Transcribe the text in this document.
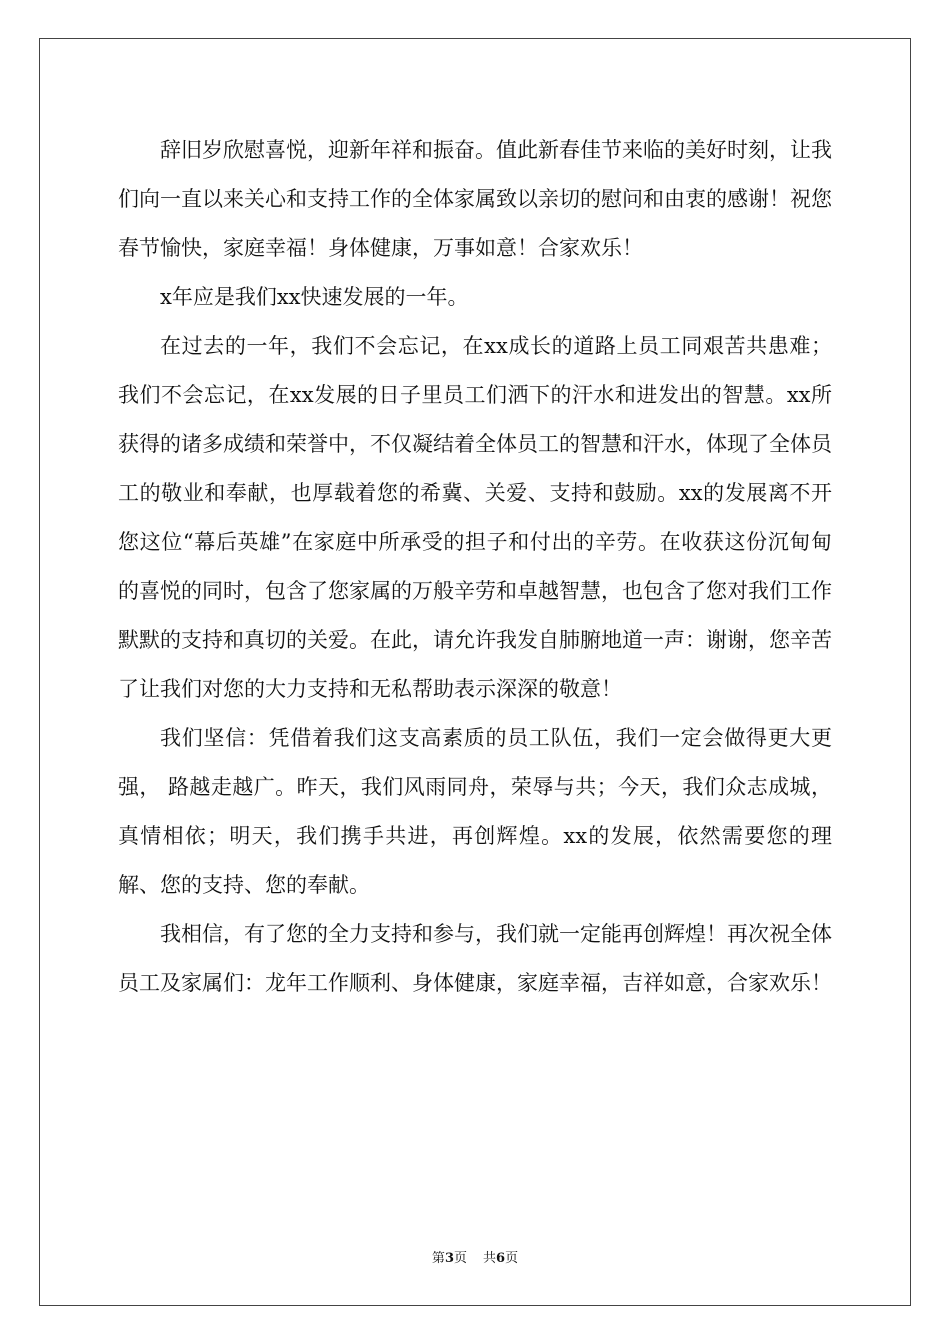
辞旧岁欣慰喜悦，迎新年祥和振奋。值此新春佳节来临的美好时刻，让我们向一直以来关心和支持工作的全体家属致以亲切的慰问和由衷的感谢！祝您春节愉快，家庭幸福！身体健康，万事如意！合家欢乐！

x年应是我们xx快速发展的一年。

在过去的一年，我们不会忘记，在xx成长的道路上员工同艰苦共患难；我们不会忘记，在xx发展的日子里员工们洒下的汗水和进发出的智慧。xx所获得的诸多成绩和荣誉中，不仅凝结着全体员工的智慧和汗水，体现了全体员工的敬业和奉献，也厚载着您的希冀、关爱、支持和鼓励。xx的发展离不开您这位“幕后英雄”在家庭中所承受的担子和付出的辛劳。在收获这份沉甸甸的喜悦的同时，包含了您家属的万般辛劳和卓越智慧，也包含了您对我们工作默默的支持和真切的关爱。在此，请允许我发自肺腑地道一声：谢谢，您辛苦了让我们对您的大力支持和无私帮助表示深深的敬意！

我们坚信：凭借着我们这支高素质的员工队伍，我们一定会做得更大更强， 路越走越广。昨天，我们风雨同舟，荣辱与共；今天，我们众志成城，真情相依；明天，我们携手共进，再创辉煌。xx的发展，依然需要您的理解、您的支持、您的奉献。

我相信，有了您的全力支持和参与，我们就一定能再创辉煌！再次祝全体员工及家属们：龙年工作顺利、身体健康，家庭幸福，吉祥如意，合家欢乐！

第3页 共6页
